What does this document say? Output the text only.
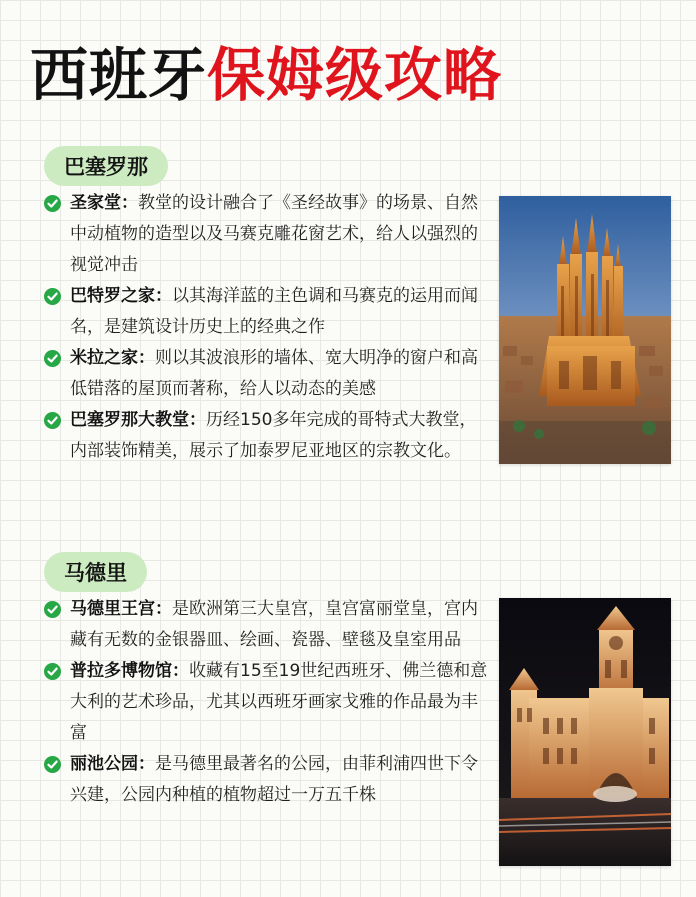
西班牙 保姆级攻略
巴塞罗那
圣家堂：教堂的设计融合了《圣经故事》的场景、自然中动植物的造型以及马赛克雕花窗艺术，给人以强烈的视觉冲击
巴特罗之家：以其海洋蓝的主色调和马赛克的运用而闻名，是建筑设计历史上的经典之作
米拉之家：则以其波浪形的墙体、宽大明净的窗户和高低错落的屋顶而著称，给人以动态的美感
巴塞罗那大教堂：历经150多年完成的哥特式大教堂，内部装饰精美，展示了加泰罗尼亚地区的宗教文化。
马德里
马德里王宫：是欧洲第三大皇宫，皇宫富丽堂皇，宫内藏有无数的金银器皿、绘画、瓷器、壁毯及皇室用品
普拉多博物馆：收藏有15至19世纪西班牙、佛兰德和意大利的艺术珍品，尤其以西班牙画家戈雅的作品最为丰富
丽池公园：是马德里最著名的公园，由菲利浦四世下令兴建，公园内种植的植物超过一万五千株
